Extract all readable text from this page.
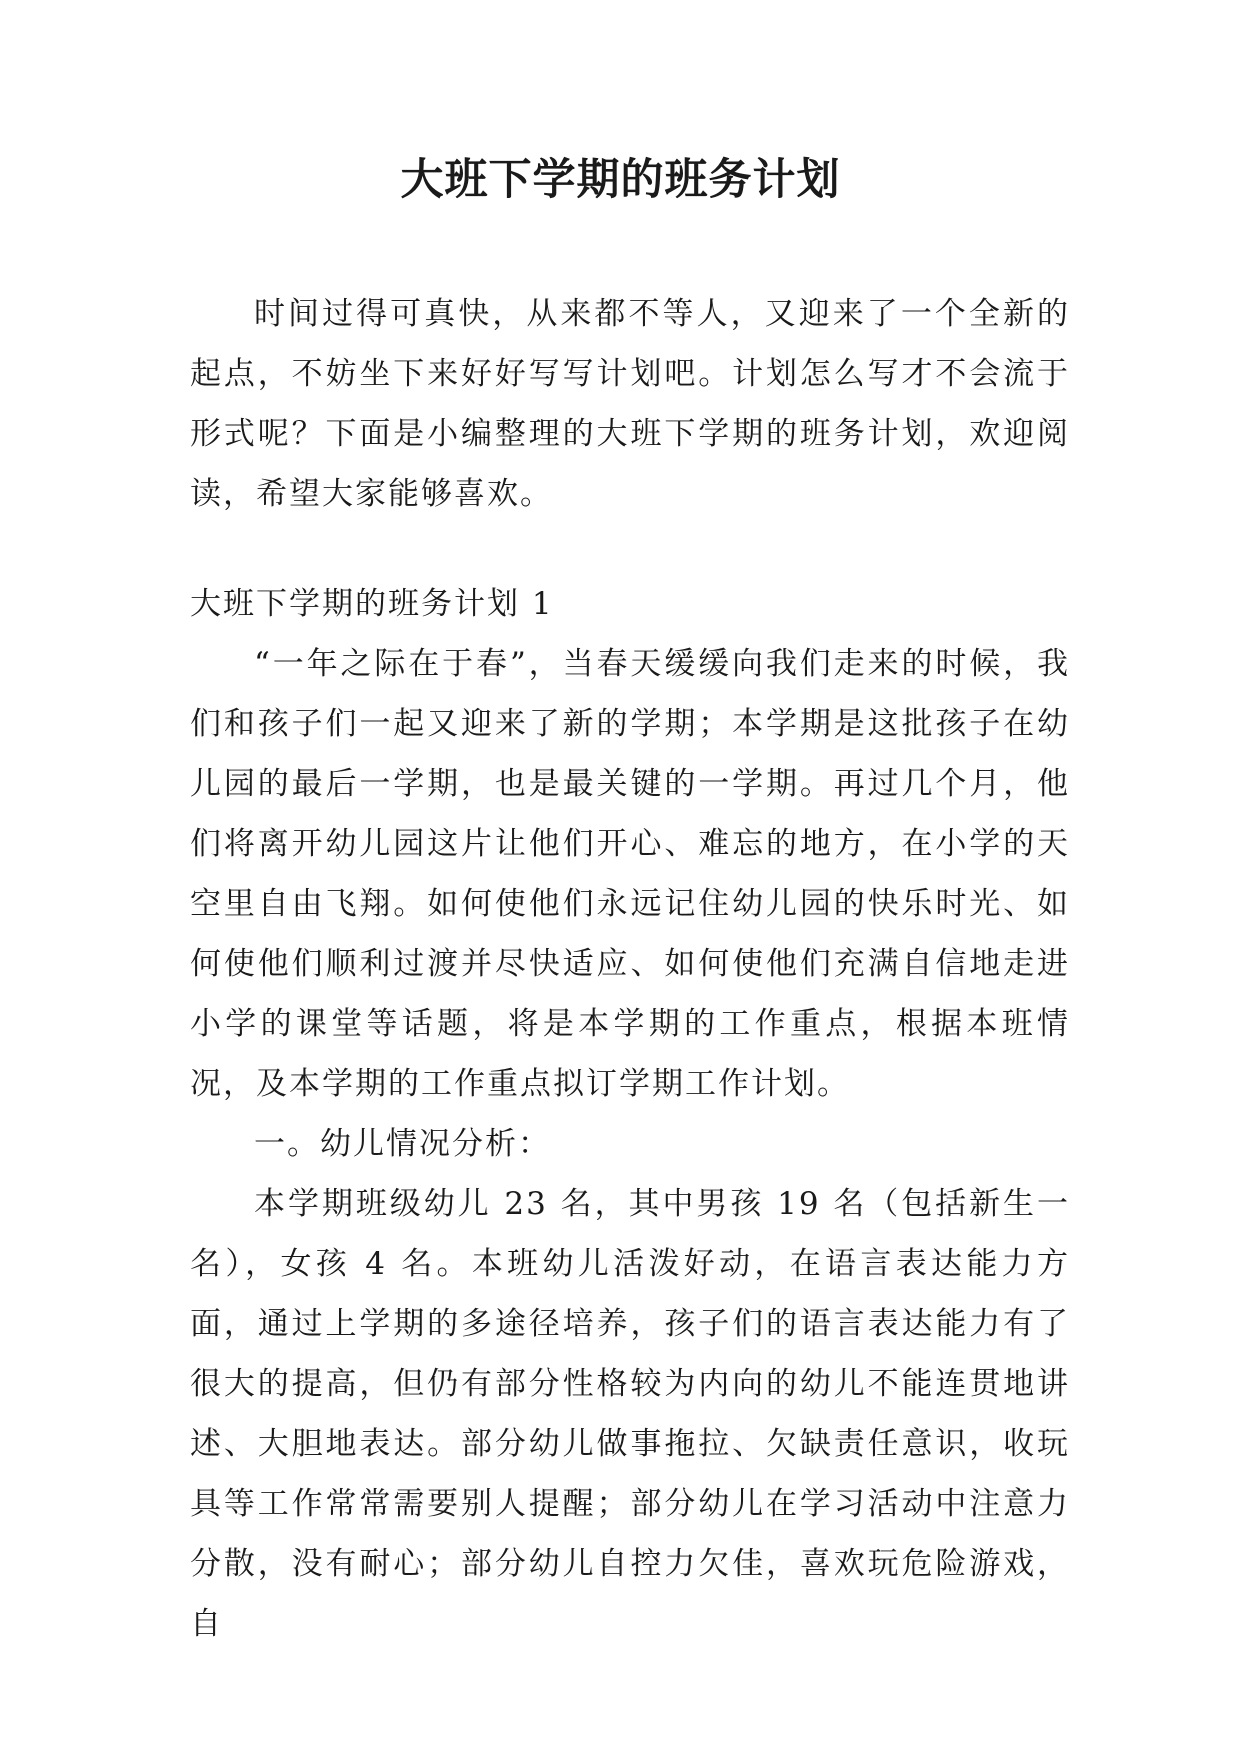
大班下学期的班务计划

时间过得可真快，从来都不等人，又迎来了一个全新的起点，不妨坐下来好好写写计划吧。计划怎么写才不会流于形式呢？下面是小编整理的大班下学期的班务计划，欢迎阅读，希望大家能够喜欢。

大班下学期的班务计划 1

“一年之际在于春”，当春天缓缓向我们走来的时候，我们和孩子们一起又迎来了新的学期；本学期是这批孩子在幼儿园的最后一学期，也是最关键的一学期。再过几个月，他们将离开幼儿园这片让他们开心、难忘的地方，在小学的天空里自由飞翔。如何使他们永远记住幼儿园的快乐时光、如何使他们顺利过渡并尽快适应、如何使他们充满自信地走进小学的课堂等话题，将是本学期的工作重点，根据本班情况，及本学期的工作重点拟订学期工作计划。

一。幼儿情况分析：

本学期班级幼儿 23 名，其中男孩 19 名（包括新生一名），女孩 4 名。本班幼儿活泼好动，在语言表达能力方面，通过上学期的多途径培养，孩子们的语言表达能力有了很大的提高，但仍有部分性格较为内向的幼儿不能连贯地讲述、大胆地表达。部分幼儿做事拖拉、欠缺责任意识，收玩具等工作常常需要别人提醒；部分幼儿在学习活动中注意力分散，没有耐心；部分幼儿自控力欠佳，喜欢玩危险游戏，自
